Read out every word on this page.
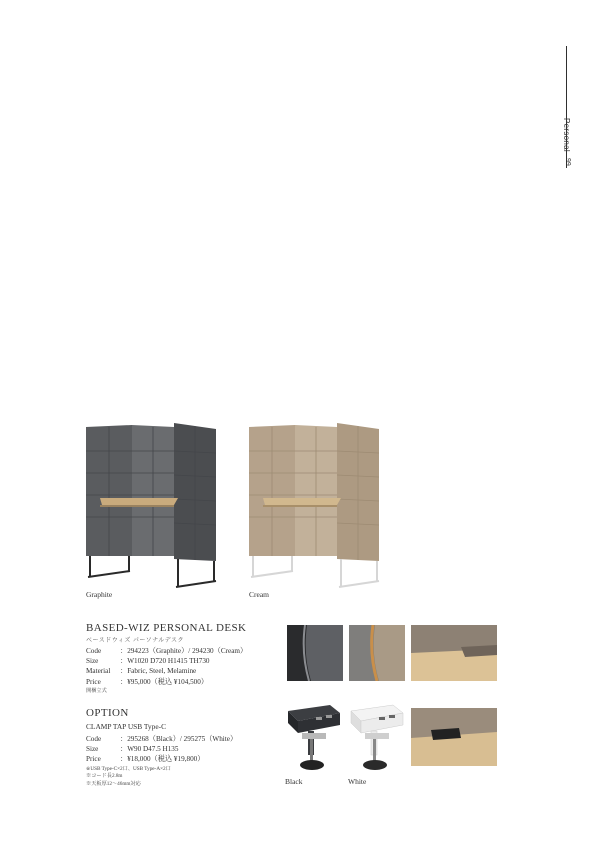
Personal
99
Graphite	Cream
BASED-WIZ PERSONAL DESK
ベースドウィズ パーソナルデスク
Code	：294223（Graphite）/ 294230（Cream）
Size	：W1020 D720 H1415 TH730
Material	：Fabric, Steel, Melamine
Price	：¥95,000（税込 ¥104,500）
開梱立式
OPTION
CLAMP TAP USB Type-C
Code	：295268（Black）/ 295275（White）
Size	：W90 D47.5 H135
Price	：¥18,000（税込 ¥19,800）
※USB Type-C×2口、USB Type-A×2口
※コード長2.8m
※天板厚12〜46mm対応	Black	White
